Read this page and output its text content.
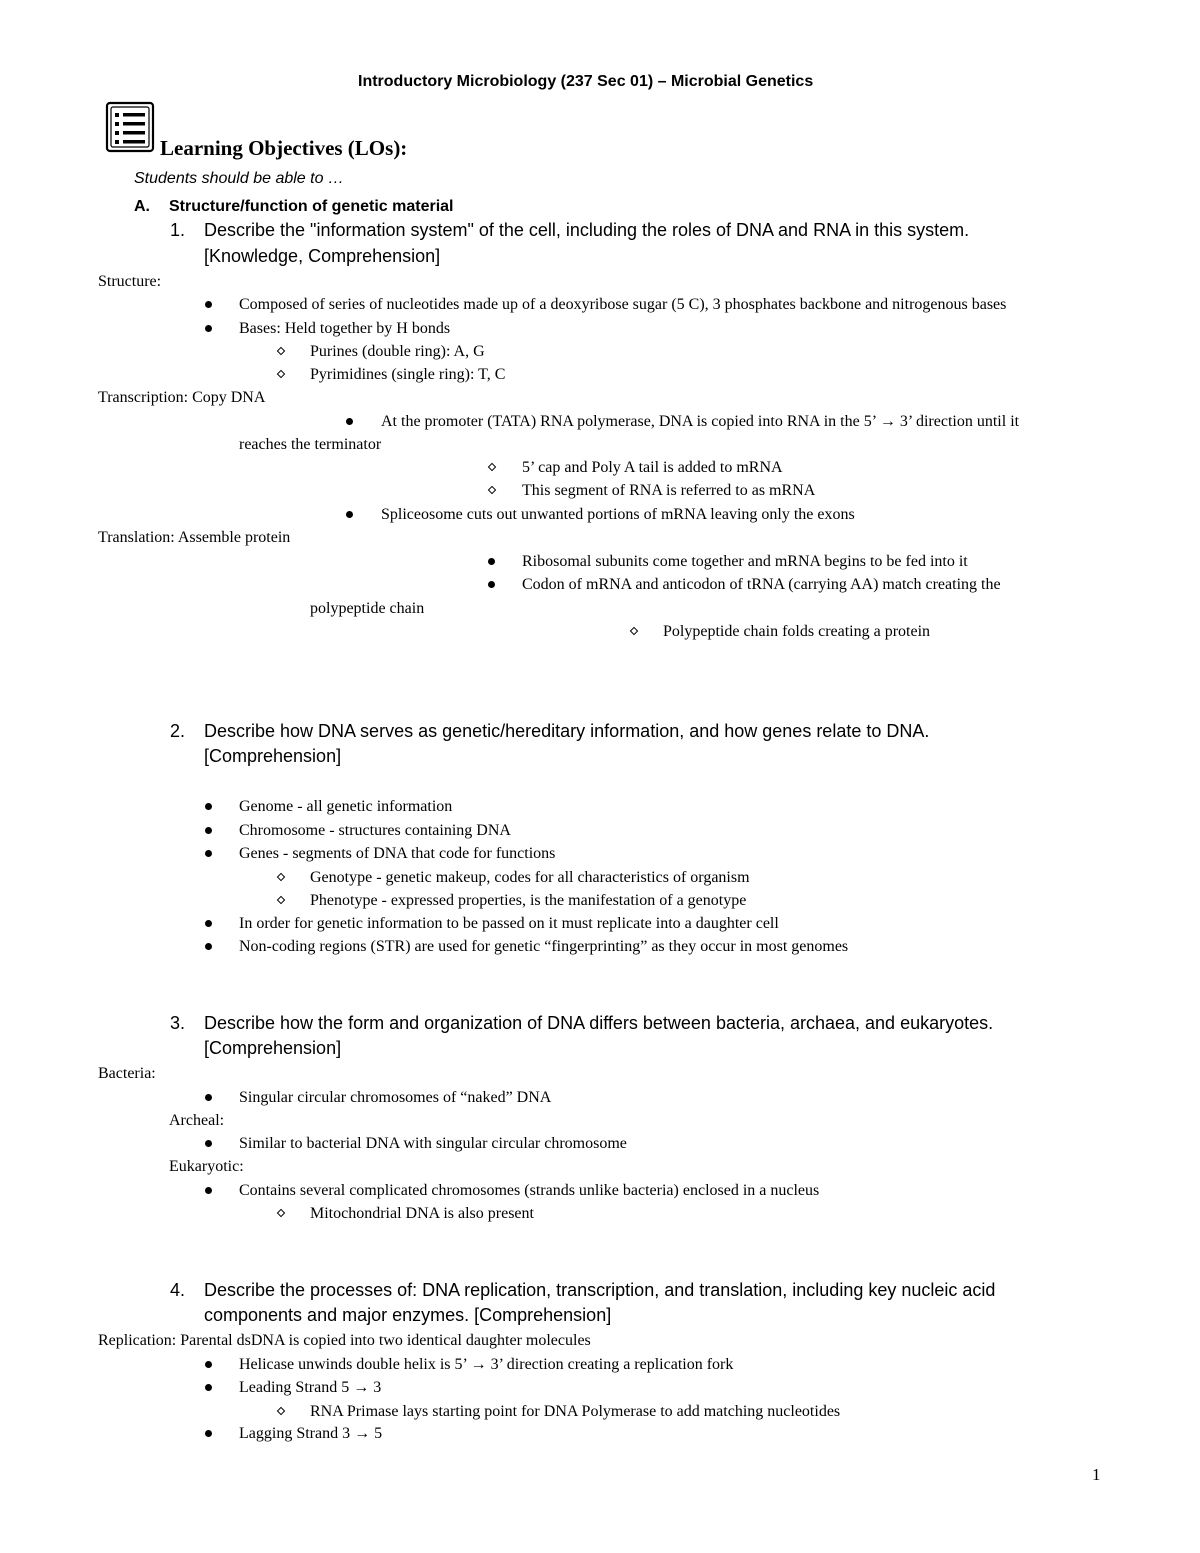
Introductory Microbiology (237 Sec 01) – Microbial Genetics
Learning Objectives (LOs):
Students should be able to …
A. Structure/function of genetic material
1. Describe the "information system" of the cell, including the roles of DNA and RNA in this system.
[Knowledge, Comprehension]
Structure:
Composed of series of nucleotides made up of a deoxyribose sugar (5 C), 3 phosphates backbone and nitrogenous bases
Bases: Held together by H bonds
Purines (double ring): A, G
Pyrimidines (single ring): T, C
Transcription: Copy DNA
At the promoter (TATA) RNA polymerase, DNA is copied into RNA in the 5’ → 3’ direction until it
reaches the terminator
5’ cap and Poly A tail is added to mRNA
This segment of RNA is referred to as mRNA
Spliceosome cuts out unwanted portions of mRNA leaving only the exons
Translation: Assemble protein
Ribosomal subunits come together and mRNA begins to be fed into it
Codon of mRNA and anticodon of tRNA (carrying AA) match creating the
polypeptide chain
Polypeptide chain folds creating a protein
2. Describe how DNA serves as genetic/hereditary information, and how genes relate to DNA.
[Comprehension]
Genome - all genetic information
Chromosome - structures containing DNA
Genes - segments of DNA that code for functions
Genotype - genetic makeup, codes for all characteristics of organism
Phenotype - expressed properties, is the manifestation of a genotype
In order for genetic information to be passed on it must replicate into a daughter cell
Non-coding regions (STR) are used for genetic “fingerprinting” as they occur in most genomes
3. Describe how the form and organization of DNA differs between bacteria, archaea, and eukaryotes.
[Comprehension]
Bacteria:
Singular circular chromosomes of “naked” DNA
Archeal:
Similar to bacterial DNA with singular circular chromosome
Eukaryotic:
Contains several complicated chromosomes (strands unlike bacteria) enclosed in a nucleus
Mitochondrial DNA is also present
4. Describe the processes of: DNA replication, transcription, and translation, including key nucleic acid
components and major enzymes. [Comprehension]
Replication: Parental dsDNA is copied into two identical daughter molecules
Helicase unwinds double helix is 5’ → 3’ direction creating a replication fork
Leading Strand 5 → 3
RNA Primase lays starting point for DNA Polymerase to add matching nucleotides
Lagging Strand 3 → 5
1
